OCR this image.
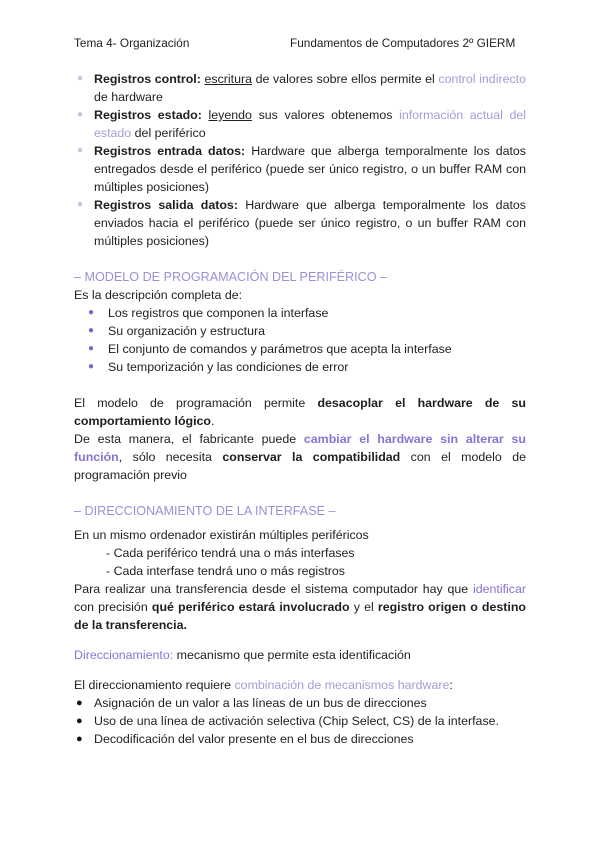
Tema 4- Organización	Fundamentos de Computadores 2º GIERM
● Registros control: escritura de valores sobre ellos permite el control indirecto de hardware
● Registros estado: leyendo sus valores obtenemos información actual del estado del periférico
● Registros entrada datos: Hardware que alberga temporalmente los datos entregados desde el periférico (puede ser único registro, o un buffer RAM con múltiples posiciones)
● Registros salida datos: Hardware que alberga temporalmente los datos enviados hacia el periférico (puede ser único registro, o un buffer RAM con múltiples posiciones)
– MODELO DE PROGRAMACIÓN DEL PERIFÉRICO –
Es la descripción completa de:
● Los registros que componen la interfase
● Su organización y estructura
● El conjunto de comandos y parámetros que acepta la interfase
● Su temporización y las condiciones de error
El modelo de programación permite desacoplar el hardware de su comportamiento lógico.
De esta manera, el fabricante puede cambiar el hardware sin alterar su función, sólo necesita conservar la compatibilidad con el modelo de programación previo
– DIRECCIONAMIENTO DE LA INTERFASE –
En un mismo ordenador existirán múltiples periféricos
- Cada periférico tendrá una o más interfases
- Cada interfase tendrá uno o más registros
Para realizar una transferencia desde el sistema computador hay que identificar con precisión qué periférico estará involucrado y el registro origen o destino de la transferencia.
Direccionamiento: mecanismo que permite esta identificación
El direccionamiento requiere combinación de mecanismos hardware:
● Asignación de un valor a las líneas de un bus de direcciones
● Uso de una línea de activación selectiva (Chip Select, CS) de la interfase.
● Decodificación del valor presente en el bus de direcciones
